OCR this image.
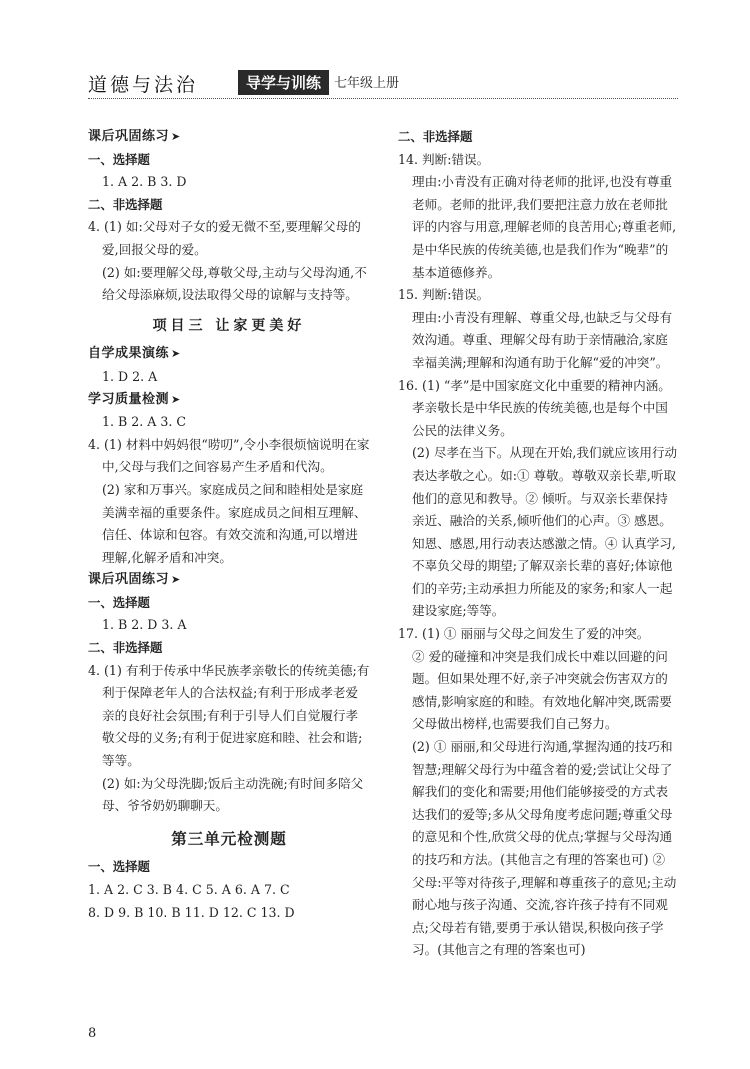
道德与法治	导学与训练 七年级上册

课后巩固练习 ➤

一、选择题

1. A 2. B 3. D

二、非选择题

4. (1) 如:父母对子女的爱无微不至,要理解父母的爱,回报父母的爱。

(2) 如:要理解父母,尊敬父母,主动与父母沟通,不给父母添麻烦,设法取得父母的谅解与支持等。

项目三 让家更美好

自学成果演练 ➤

1. D 2. A

学习质量检测 ➤

1. B 2. A 3. C

4. (1) 材料中妈妈很“唠叨”,令小李很烦恼说明在家中,父母与我们之间容易产生矛盾和代沟。

(2) 家和万事兴。家庭成员之间和睦相处是家庭美满幸福的重要条件。家庭成员之间相互理解、信任、体谅和包容。有效交流和沟通,可以增进理解,化解矛盾和冲突。

课后巩固练习 ➤

一、选择题

1. B 2. D 3. A

二、非选择题

4. (1) 有利于传承中华民族孝亲敬长的传统美德;有利于保障老年人的合法权益;有利于形成孝老爱亲的良好社会氛围;有利于引导人们自觉履行孝敬父母的义务;有利于促进家庭和睦、社会和谐;等等。

(2) 如:为父母洗脚;饭后主动洗碗;有时间多陪父母、爷爷奶奶聊聊天。

第三单元检测题

一、选择题

1. A 2. C 3. B 4. C 5. A 6. A 7. C

8. D 9. B 10. B 11. D 12. C 13. D

二、非选择题

14. 判断:错误。

理由:小青没有正确对待老师的批评,也没有尊重老师。老师的批评,我们要把注意力放在老师批评的内容与用意,理解老师的良苦用心;尊重老师,是中华民族的传统美德,也是我们作为“晚辈”的基本道德修养。

15. 判断:错误。

理由:小青没有理解、尊重父母,也缺乏与父母有效沟通。尊重、理解父母有助于亲情融洽,家庭幸福美满;理解和沟通有助于化解“爱的冲突”。

16. (1) “孝”是中国家庭文化中重要的精神内涵。孝亲敬长是中华民族的传统美德,也是每个中国公民的法律义务。

(2) 尽孝在当下。从现在开始,我们就应该用行动表达孝敬之心。如:① 尊敬。尊敬双亲长辈,听取他们的意见和教导。② 倾听。与双亲长辈保持亲近、融洽的关系,倾听他们的心声。③ 感恩。知恩、感恩,用行动表达感激之情。④ 认真学习,不辜负父母的期望;了解双亲长辈的喜好;体谅他们的辛劳;主动承担力所能及的家务;和家人一起建设家庭;等等。

17. (1) ① 丽丽与父母之间发生了爱的冲突。

② 爱的碰撞和冲突是我们成长中难以回避的问题。但如果处理不好,亲子冲突就会伤害双方的感情,影响家庭的和睦。有效地化解冲突,既需要父母做出榜样,也需要我们自己努力。

(2) ① 丽丽,和父母进行沟通,掌握沟通的技巧和智慧;理解父母行为中蕴含着的爱;尝试让父母了解我们的变化和需要;用他们能够接受的方式表达我们的爱等;多从父母角度考虑问题;尊重父母的意见和个性,欣赏父母的优点;掌握与父母沟通的技巧和方法。(其他言之有理的答案也可) ② 父母:平等对待孩子,理解和尊重孩子的意见;主动耐心地与孩子沟通、交流,容许孩子持有不同观点;父母若有错,要勇于承认错误,积极向孩子学习。(其他言之有理的答案也可)

8
